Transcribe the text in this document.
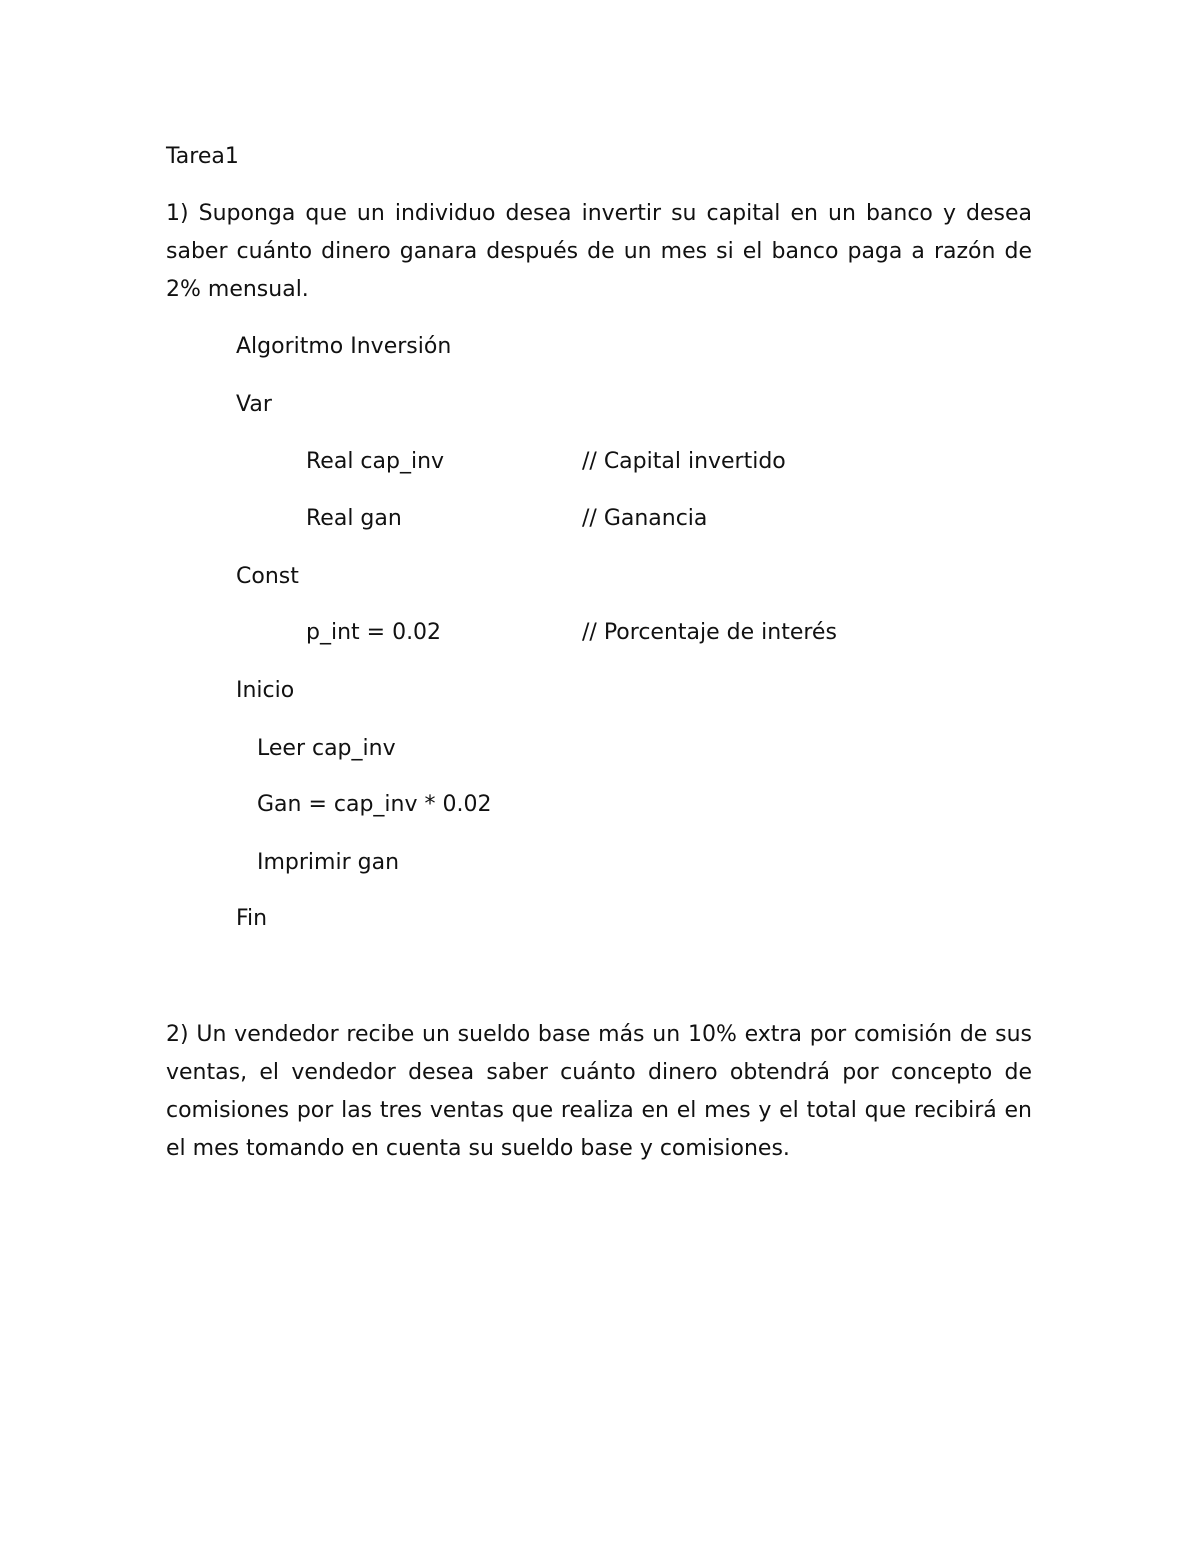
Tarea1
1) Suponga que un individuo desea invertir su capital en un banco y desea saber cuánto dinero ganara después de un mes si el banco paga a razón de 2% mensual.
Algoritmo Inversión
Var
Real cap_inv	// Capital invertido
Real gan	// Ganancia
Const
p_int = 0.02	// Porcentaje de interés
Inicio
Leer cap_inv
Gan = cap_inv * 0.02
Imprimir gan
Fin
2) Un vendedor recibe un sueldo base más un 10% extra por comisión de sus ventas, el vendedor desea saber cuánto dinero obtendrá por concepto de comisiones por las tres ventas que realiza en el mes y el total que recibirá en el mes tomando en cuenta su sueldo base y comisiones.
